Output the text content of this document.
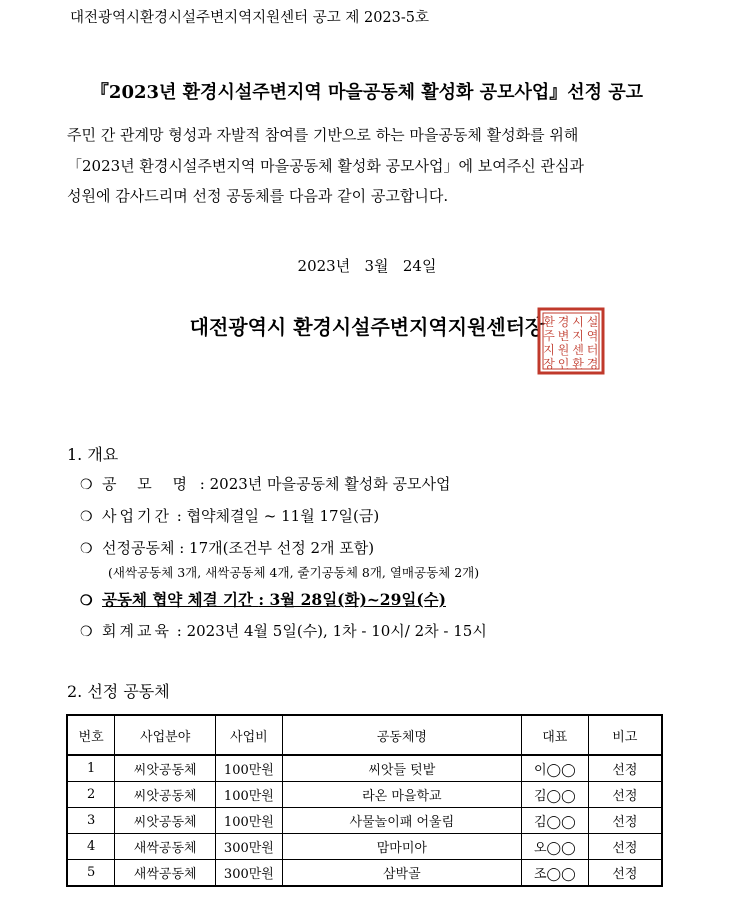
대전광역시환경시설주변지역지원센터 공고 제 2023-5호
『2023년 환경시설주변지역 마을공동체 활성화 공모사업』선정 공고
주민 간 관계망 형성과 자발적 참여를 기반으로 하는 마을공동체 활성화를 위해
「2023년 환경시설주변지역 마을공동체 활성화 공모사업」에 보여주신 관심과
성원에 감사드리며 선정 공동체를 다음과 같이 공고합니다.
2023년   3월   24일
대전광역시 환경시설주변지역지원센터장
환 경 시 설
주 변 지 역
지 원 센 터
장 인 환 경
1. 개요
❍ 공 모 명 : 2023년 마을공동체 활성화 공모사업
❍ 사업기간 : 협약체결일 ~ 11월 17일(금)
❍ 선정공동체 : 17개(조건부 선정 2개 포함)
(새싹공동체 3개, 새싹공동체 4개, 줄기공동체 8개, 열매공동체 2개)
❍ 공동체 협약 체결 기간 : 3월 28일(화)~29일(수)
❍ 회계교육 : 2023년 4월 5일(수), 1차 - 10시/ 2차 - 15시
2. 선정 공동체
번호	사업분야	사업비	공동체명	대표	비고
1	씨앗공동체	100만원	씨앗들 텃밭	이◯◯	선정
2	씨앗공동체	100만원	라온 마을학교	김◯◯	선정
3	씨앗공동체	100만원	사물놀이패 어울림	김◯◯	선정
4	새싹공동체	300만원	맘마미아	오◯◯	선정
5	새싹공동체	300만원	삼박골	조◯◯	선정
